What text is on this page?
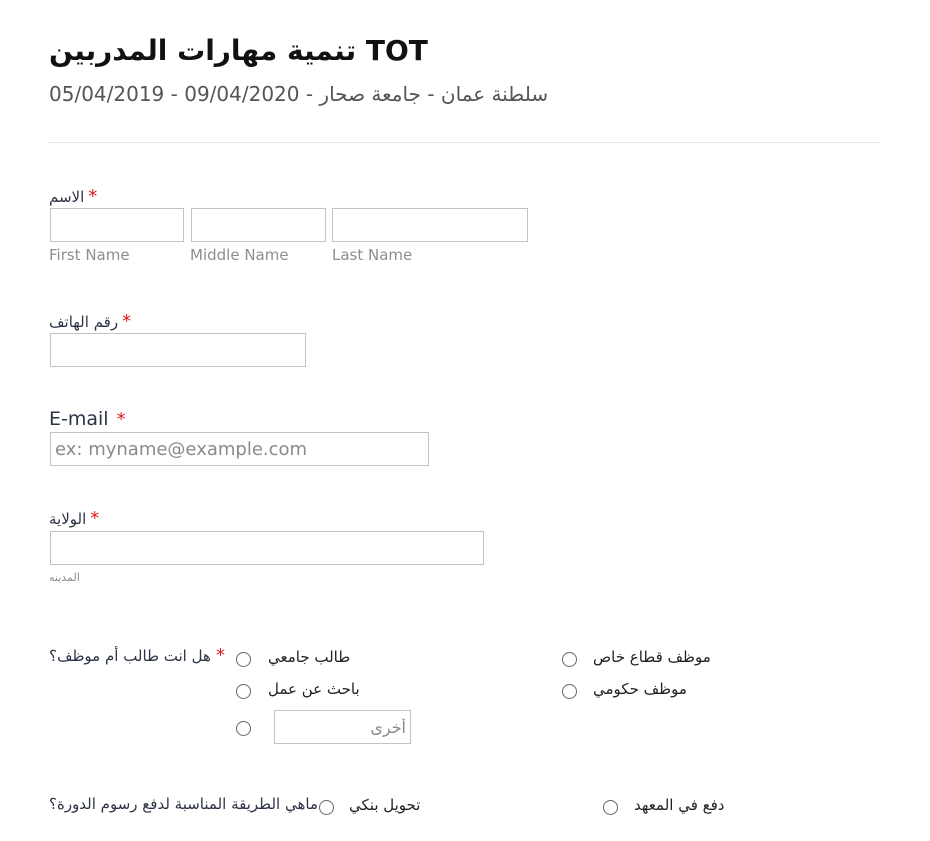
تنمية مهارات المدربين TOT
سلطنة عمان - جامعة صحار - 09/04/2020 - 05/04/2019
الاسم *
First Name	Middle Name	Last Name
رقم الهاتف *
E-mail *
ex: myname@example.com
الولاية *
المدينه
هل انت طالب أم موظف؟ *	طالب جامعي	موظف قطاع خاص
باحث عن عمل	موظف حكومي
أخرى
ماهي الطريقة المناسبة لدفع رسوم الدورة؟ تحويل بنكي	دفع في المعهد
